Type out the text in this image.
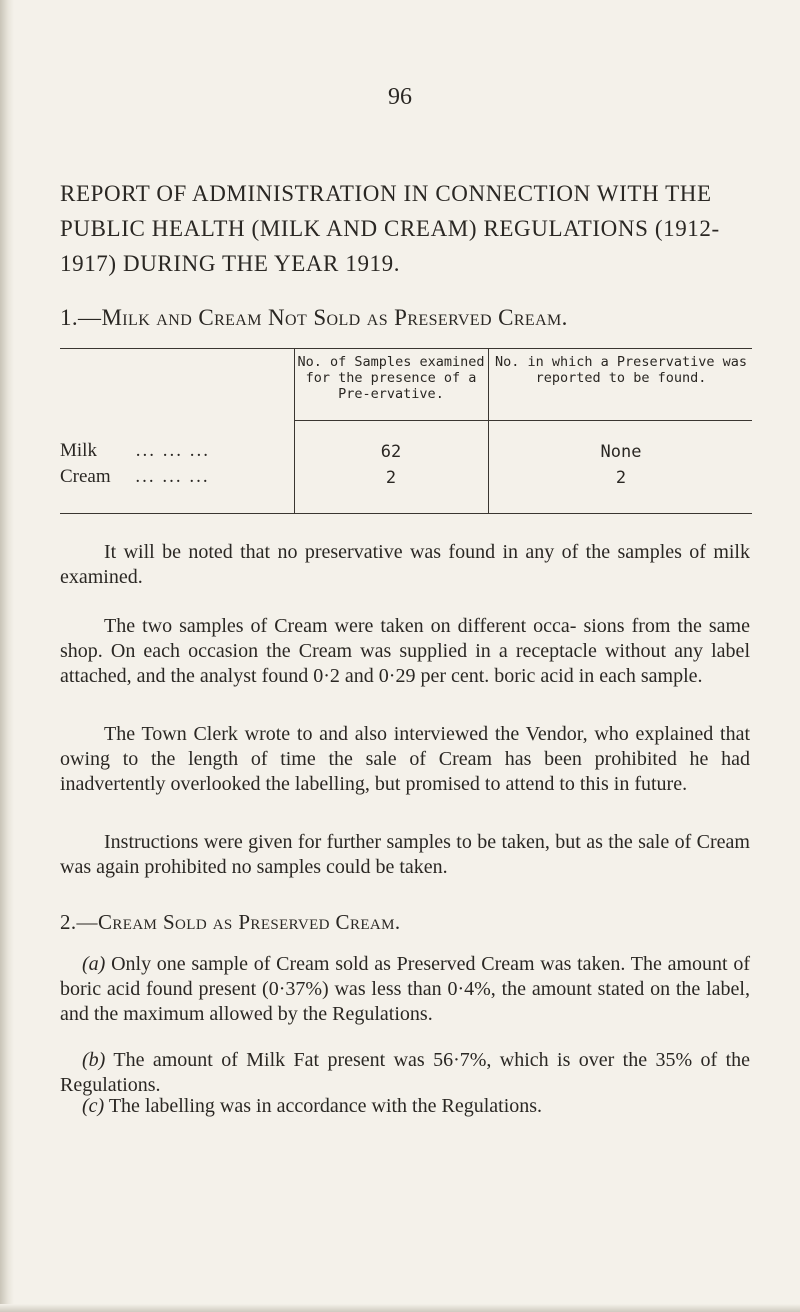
96
REPORT OF ADMINISTRATION IN CONNECTION WITH THE PUBLIC HEALTH (MILK AND CREAM) REGULATIONS (1912-1917) DURING THE YEAR 1919.
1.—Milk and Cream Not Sold as Preserved Cream.
No. of Samples examined for the presence of a Pre-ervative.
No. in which a Preservative was reported to be found.
Milk ... ... ...	62	None
Cream ... ... ...	2	2

It will be noted that no preservative was found in any of the samples of milk examined.

The two samples of Cream were taken on different occa- sions from the same shop. On each occasion the Cream was supplied in a receptacle without any label attached, and the analyst found 0·2 and 0·29 per cent. boric acid in each sample.

The Town Clerk wrote to and also interviewed the Vendor, who explained that owing to the length of time the sale of Cream has been prohibited he had inadvertently overlooked the labelling, but promised to attend to this in future.

Instructions were given for further samples to be taken, but as the sale of Cream was again prohibited no samples could be taken.

2.—Cream Sold as Preserved Cream.

(a) Only one sample of Cream sold as Preserved Cream was taken. The amount of boric acid found present (0·37%) was less than 0·4%, the amount stated on the label, and the maximum allowed by the Regulations.

(b) The amount of Milk Fat present was 56·7%, which is over the 35% of the Regulations.

(c) The labelling was in accordance with the Regulations.
